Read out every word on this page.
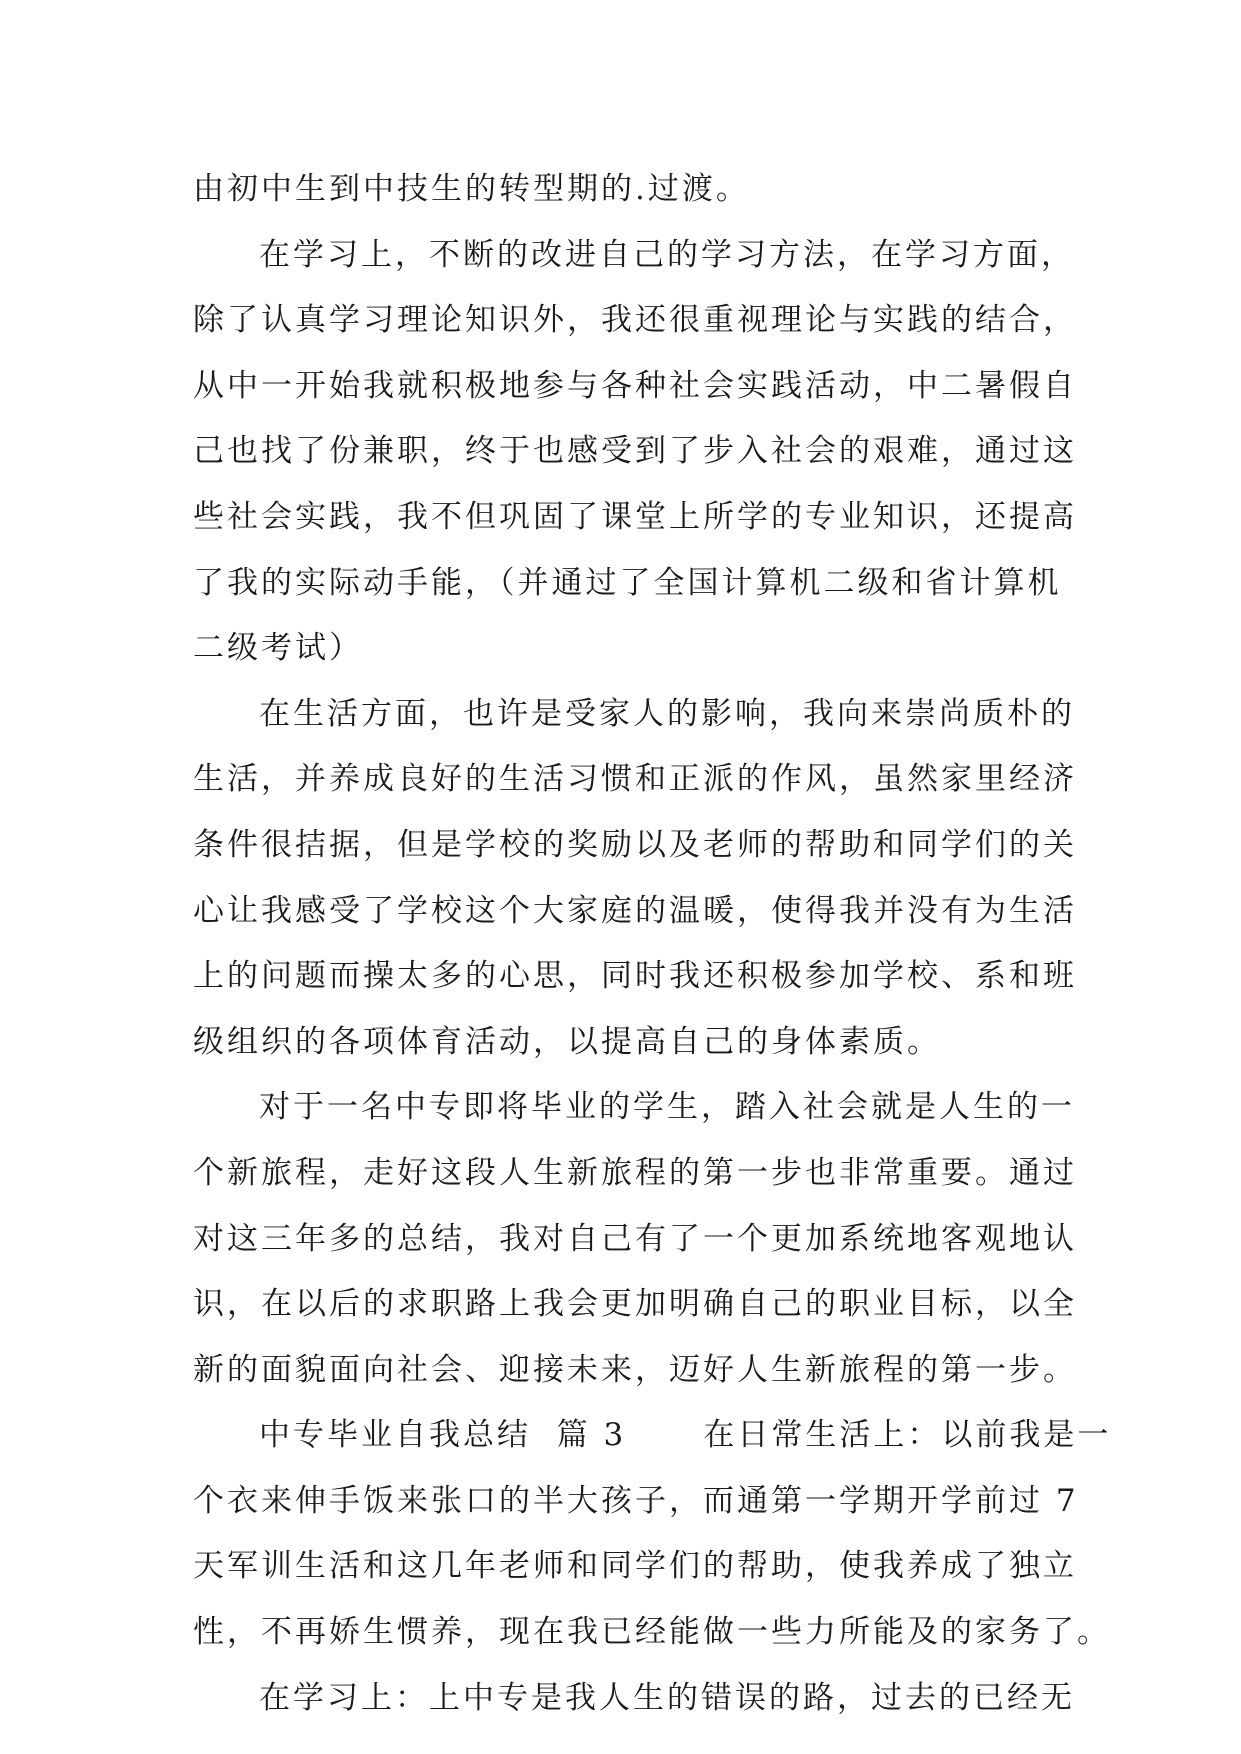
由初中生到中技生的转型期的.过渡。
在学习上，不断的改进自己的学习方法，在学习方面，
除了认真学习理论知识外，我还很重视理论与实践的结合，
从中一开始我就积极地参与各种社会实践活动，中二暑假自
己也找了份兼职，终于也感受到了步入社会的艰难，通过这
些社会实践，我不但巩固了课堂上所学的专业知识，还提高
了我的实际动手能，（并通过了全国计算机二级和省计算机
二级考试）
在生活方面，也许是受家人的影响，我向来崇尚质朴的
生活，并养成良好的生活习惯和正派的作风，虽然家里经济
条件很拮据，但是学校的奖励以及老师的帮助和同学们的关
心让我感受了学校这个大家庭的温暖，使得我并没有为生活
上的问题而操太多的心思，同时我还积极参加学校、系和班
级组织的各项体育活动，以提高自己的身体素质。
对于一名中专即将毕业的学生，踏入社会就是人生的一
个新旅程，走好这段人生新旅程的第一步也非常重要。通过
对这三年多的总结，我对自己有了一个更加系统地客观地认
识，在以后的求职路上我会更加明确自己的职业目标，以全
新的面貌面向社会、迎接未来，迈好人生新旅程的第一步。
中专毕业自我总结  篇 3      在日常生活上：以前我是一
个衣来伸手饭来张口的半大孩子，而通第一学期开学前过 7
天军训生活和这几年老师和同学们的帮助，使我养成了独立
性，不再娇生惯养，现在我已经能做一些力所能及的家务了。
在学习上：上中专是我人生的错误的路，过去的已经无
